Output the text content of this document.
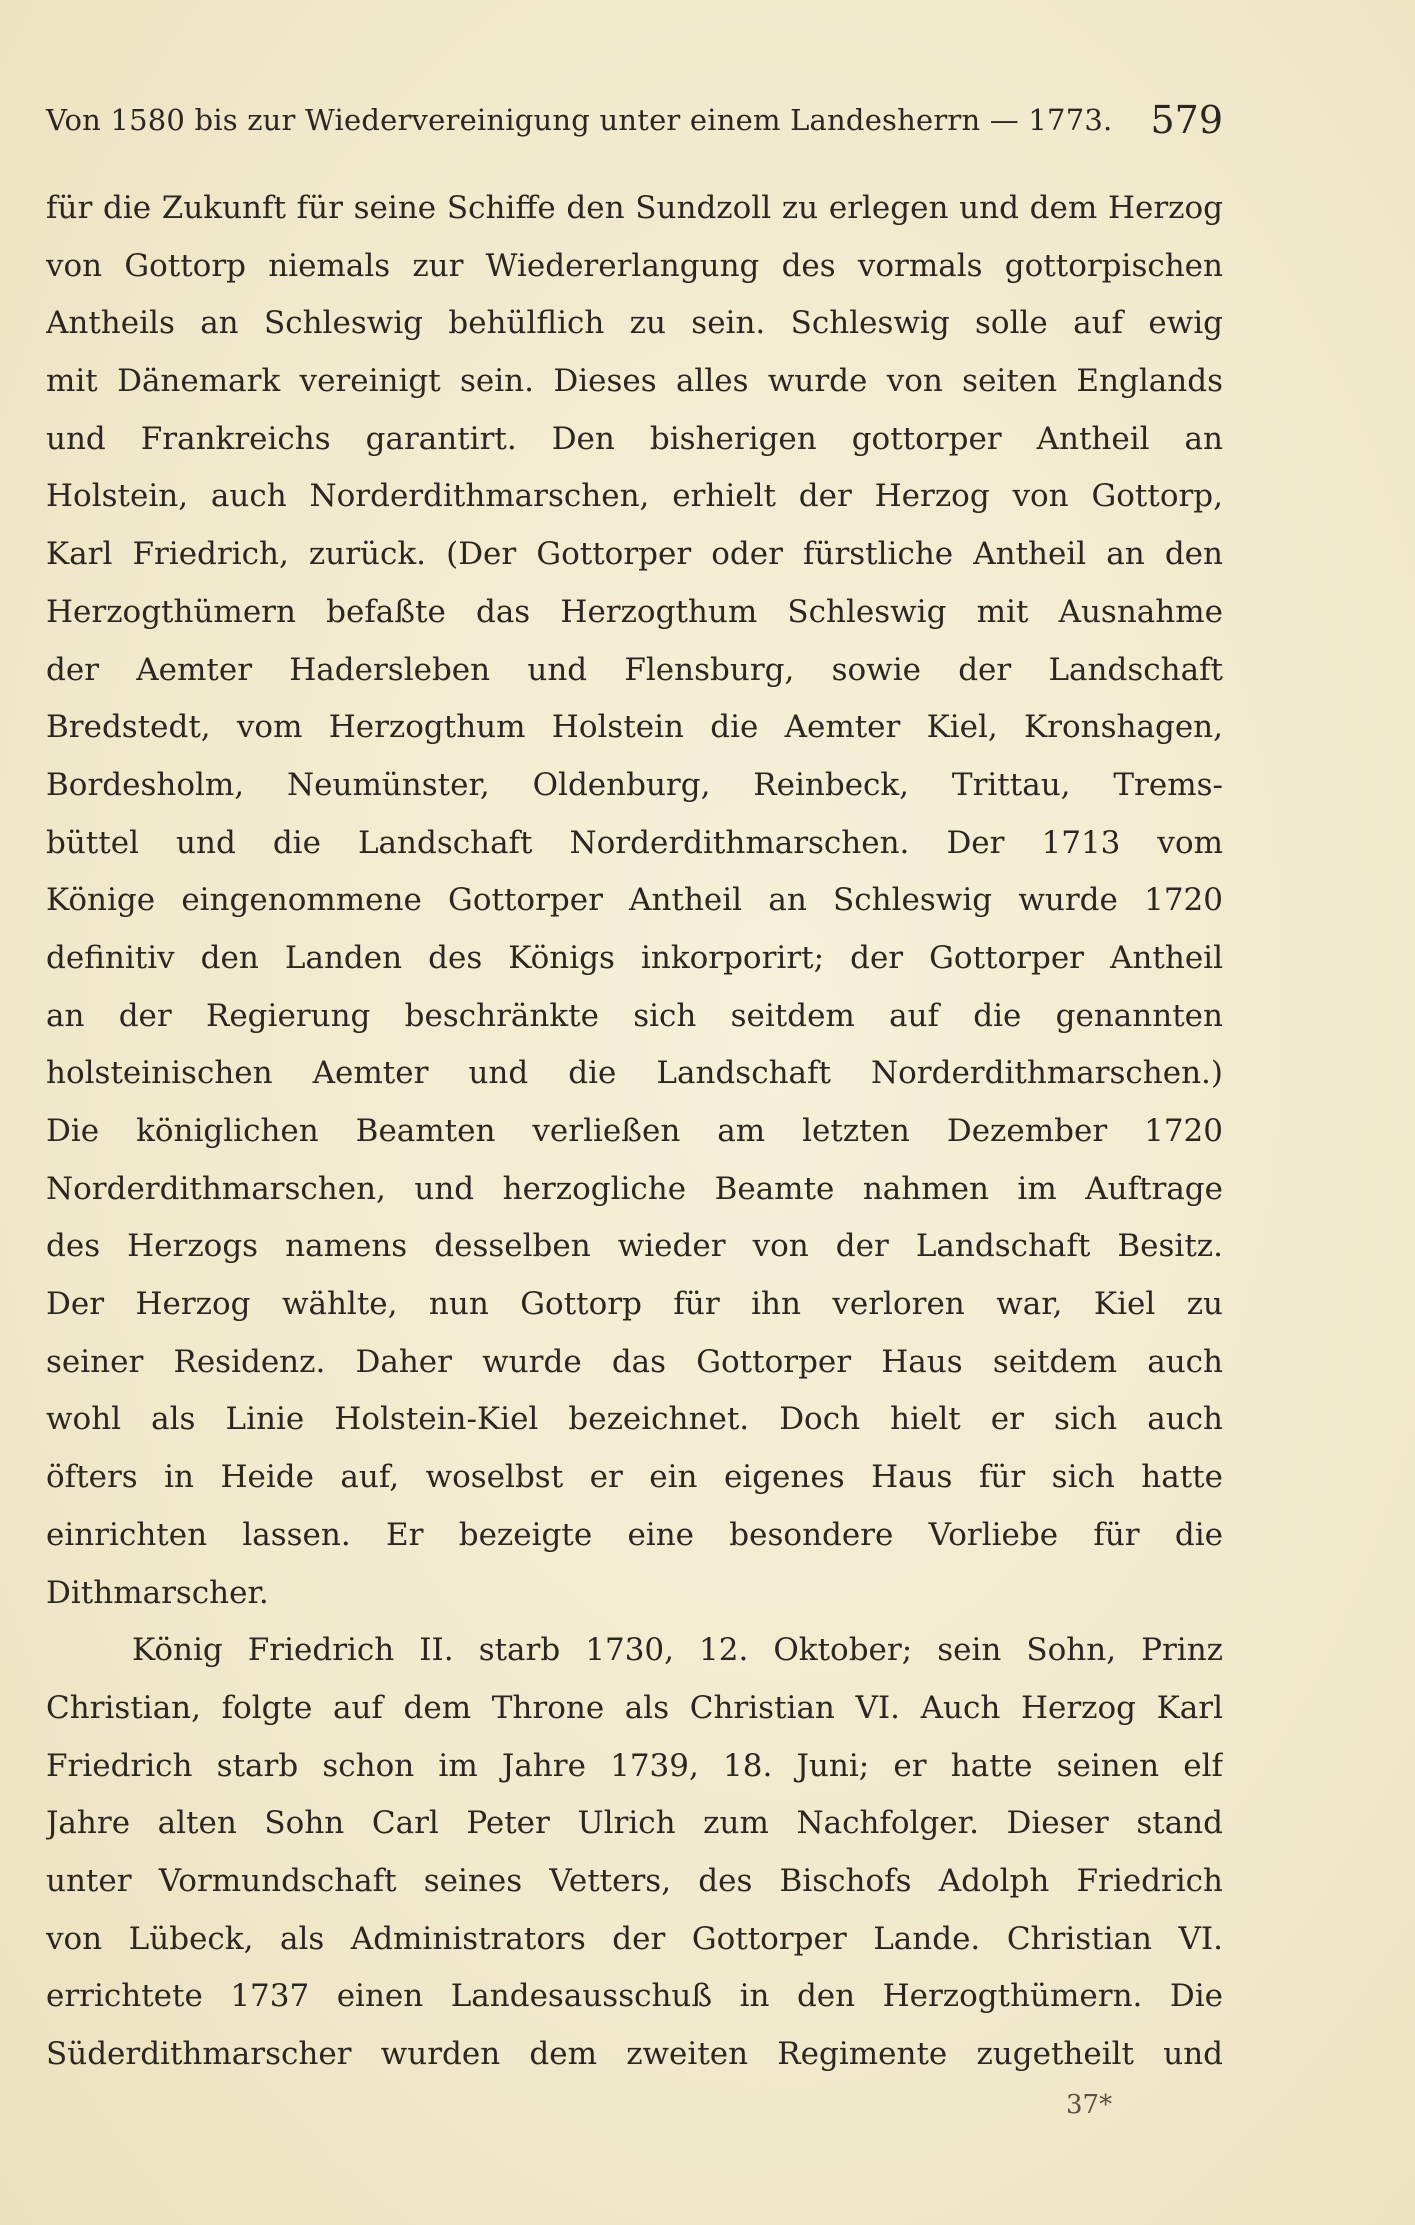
Von 1580 bis zur Wiedervereinigung unter einem Landesherrn — 1773. 579
für die Zukunft für seine Schiffe den Sundzoll zu erlegen und dem Herzog
von Gottorp niemals zur Wiedererlangung des vormals gottorpischen
Antheils an Schleswig behülflich zu sein. Schleswig solle auf ewig
mit Dänemark vereinigt sein. Dieses alles wurde von seiten Englands
und Frankreichs garantirt. Den bisherigen gottorper Antheil an
Holstein, auch Norderdithmarschen, erhielt der Herzog von Gottorp,
Karl Friedrich, zurück. (Der Gottorper oder fürstliche Antheil an den
Herzogthümern befaßte das Herzogthum Schleswig mit Ausnahme
der Aemter Hadersleben und Flensburg, sowie der Landschaft
Bredstedt, vom Herzogthum Holstein die Aemter Kiel, Kronshagen,
Bordesholm, Neumünster, Oldenburg, Reinbeck, Trittau, Trems-
büttel und die Landschaft Norderdithmarschen. Der 1713 vom
Könige eingenommene Gottorper Antheil an Schleswig wurde 1720
definitiv den Landen des Königs inkorporirt; der Gottorper Antheil
an der Regierung beschränkte sich seitdem auf die genannten
holsteinischen Aemter und die Landschaft Norderdithmarschen.)
Die königlichen Beamten verließen am letzten Dezember 1720
Norderdithmarschen, und herzogliche Beamte nahmen im Auftrage
des Herzogs namens desselben wieder von der Landschaft Besitz.
Der Herzog wählte, nun Gottorp für ihn verloren war, Kiel zu
seiner Residenz. Daher wurde das Gottorper Haus seitdem auch
wohl als Linie Holstein-Kiel bezeichnet. Doch hielt er sich auch
öfters in Heide auf, woselbst er ein eigenes Haus für sich hatte
einrichten lassen. Er bezeigte eine besondere Vorliebe für die
Dithmarscher.
König Friedrich II. starb 1730, 12. Oktober; sein Sohn, Prinz
Christian, folgte auf dem Throne als Christian VI. Auch Herzog Karl
Friedrich starb schon im Jahre 1739, 18. Juni; er hatte seinen elf
Jahre alten Sohn Carl Peter Ulrich zum Nachfolger. Dieser stand
unter Vormundschaft seines Vetters, des Bischofs Adolph Friedrich
von Lübeck, als Administrators der Gottorper Lande. Christian VI.
errichtete 1737 einen Landesausschuß in den Herzogthümern. Die
Süderdithmarscher wurden dem zweiten Regimente zugetheilt und
37*
